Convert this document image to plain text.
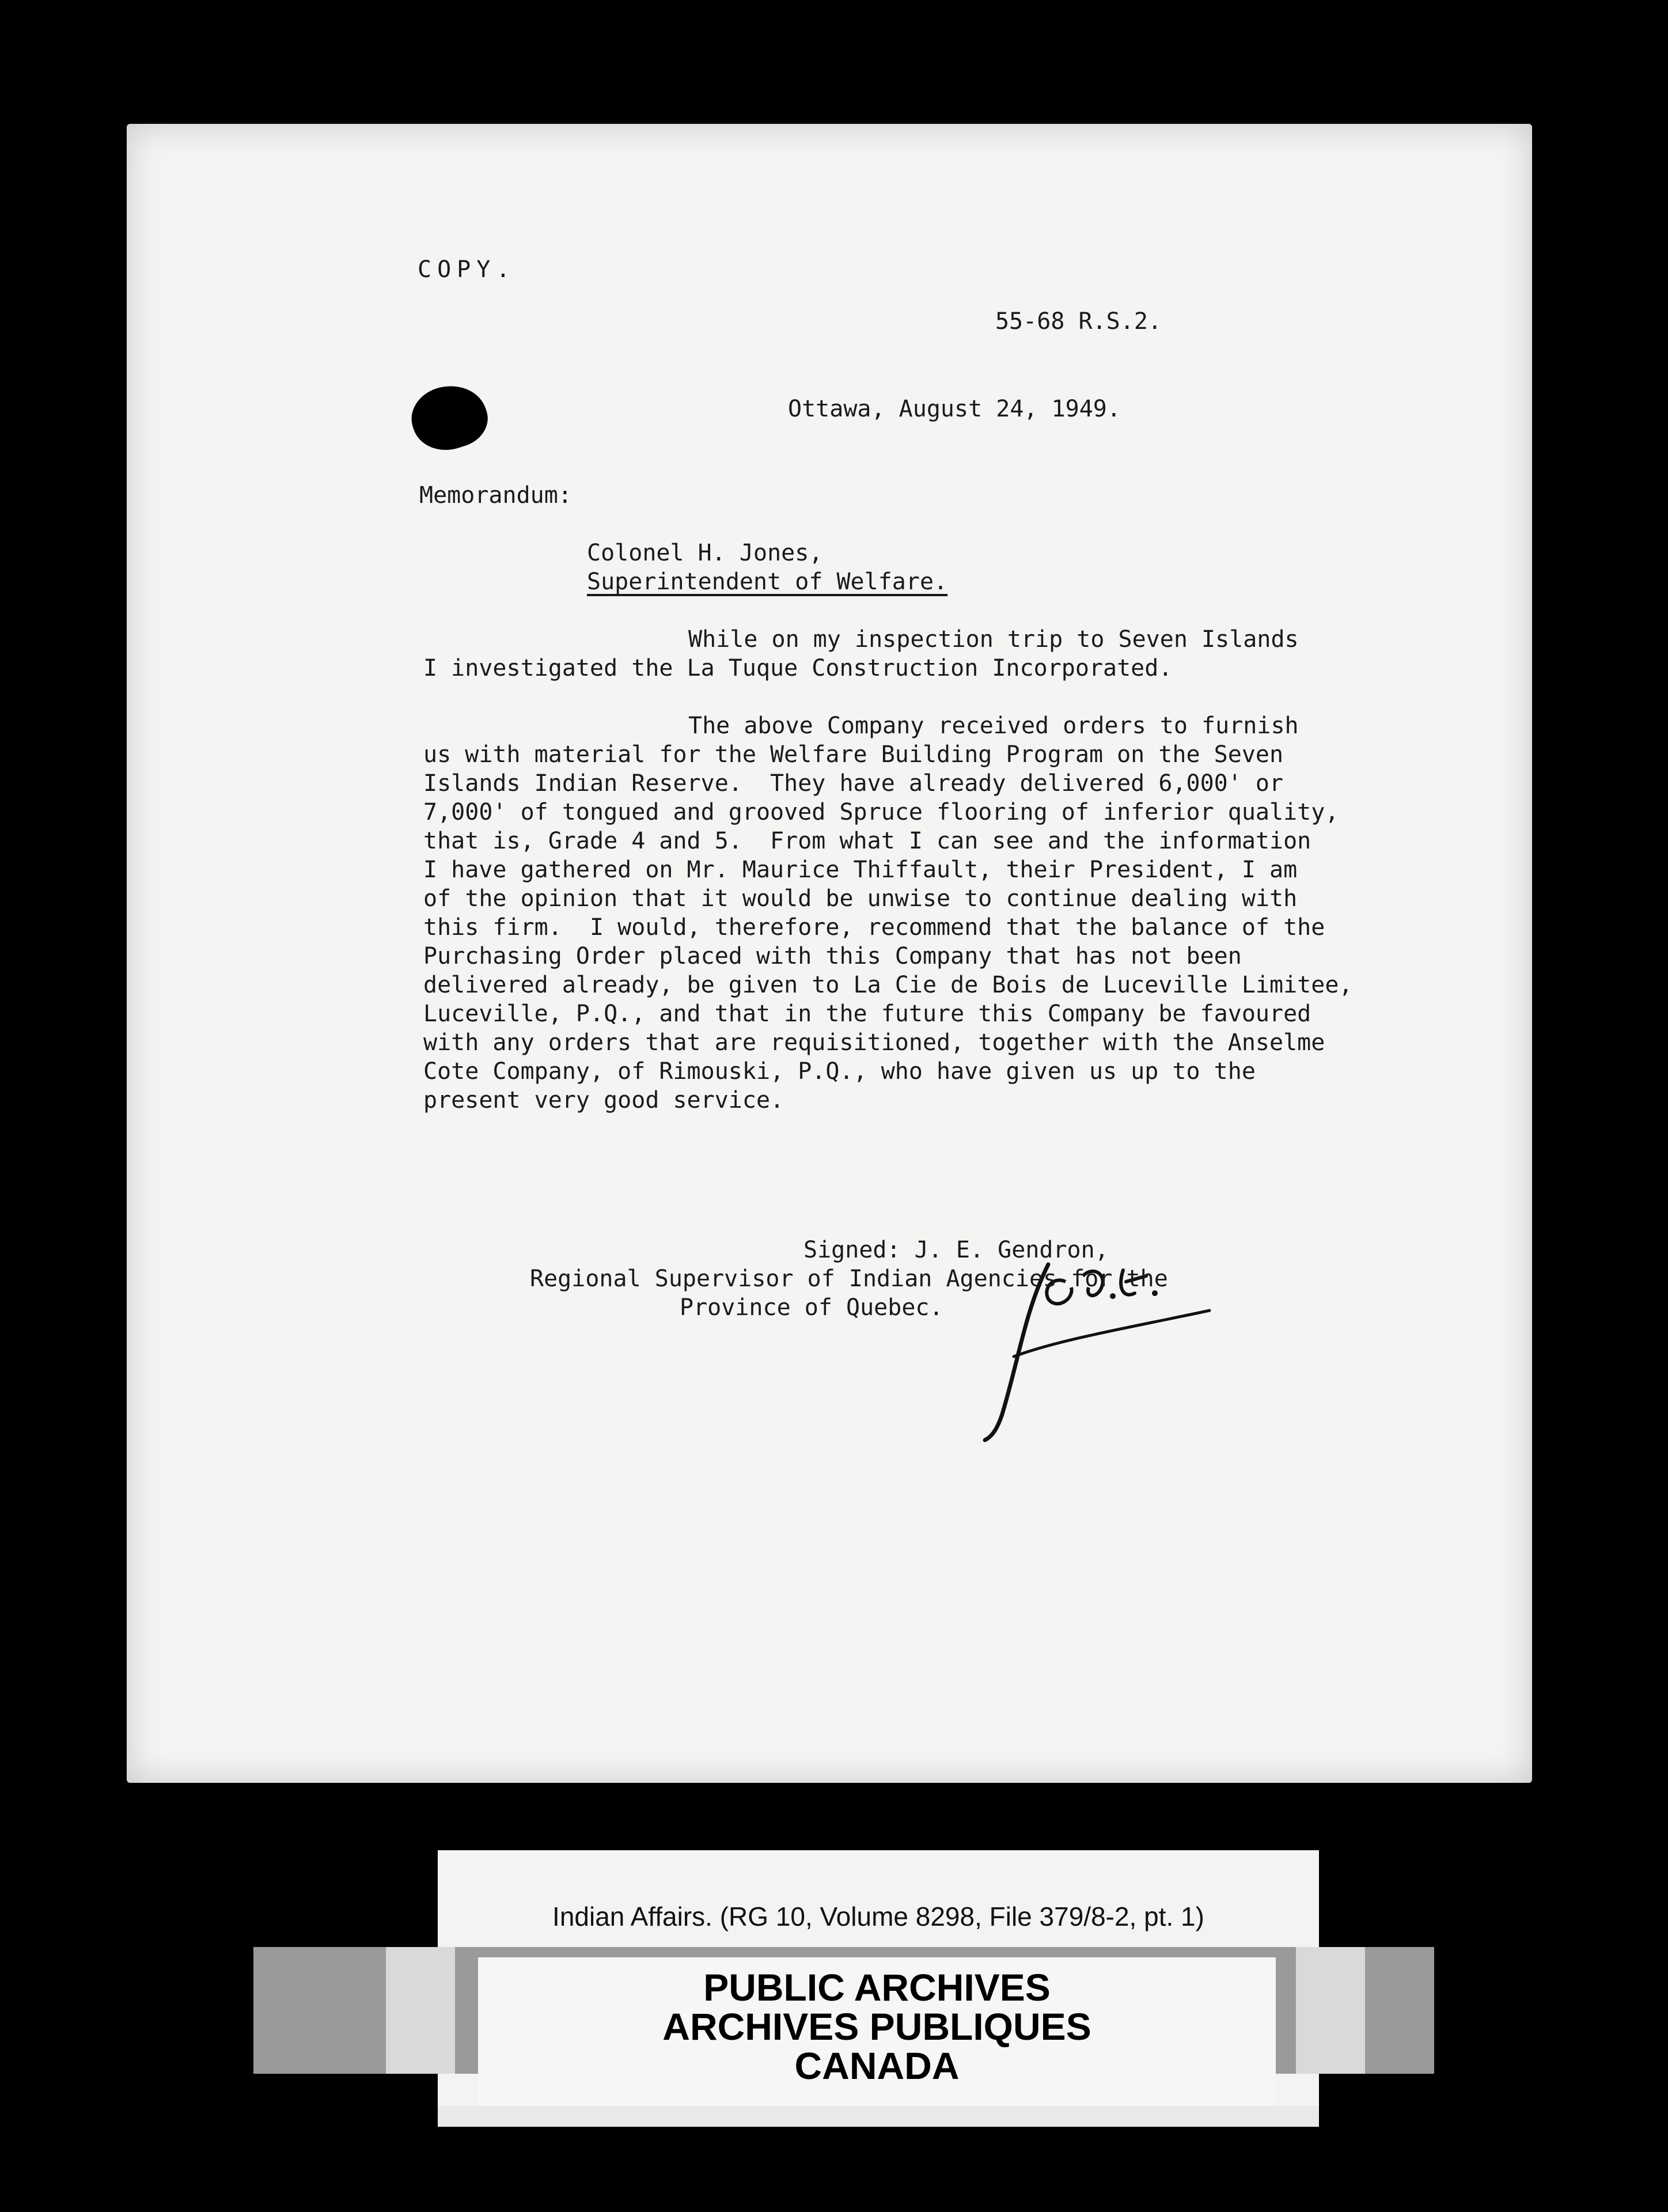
COPY.
55-68 R.S.2.
Ottawa, August 24, 1949.
Memorandum:
Colonel H. Jones,
Superintendent of Welfare.
While on my inspection trip to Seven Islands
I investigated the La Tuque Construction Incorporated.
The above Company received orders to furnish
us with material for the Welfare Building Program on the Seven
Islands Indian Reserve.  They have already delivered 6,000' or
7,000' of tongued and grooved Spruce flooring of inferior quality,
that is, Grade 4 and 5.  From what I can see and the information
I have gathered on Mr. Maurice Thiffault, their President, I am
of the opinion that it would be unwise to continue dealing with
this firm.  I would, therefore, recommend that the balance of the
Purchasing Order placed with this Company that has not been
delivered already, be given to La Cie de Bois de Luceville Limitee,
Luceville, P.Q., and that in the future this Company be favoured
with any orders that are requisitioned, together with the Anselme
Cote Company, of Rimouski, P.Q., who have given us up to the
present very good service.
Signed: J. E. Gendron,
Regional Supervisor of Indian Agencies for the
Province of Quebec.
Indian Affairs. (RG 10, Volume 8298, File 379/8-2, pt. 1)
PUBLIC ARCHIVES
ARCHIVES PUBLIQUES
CANADA
